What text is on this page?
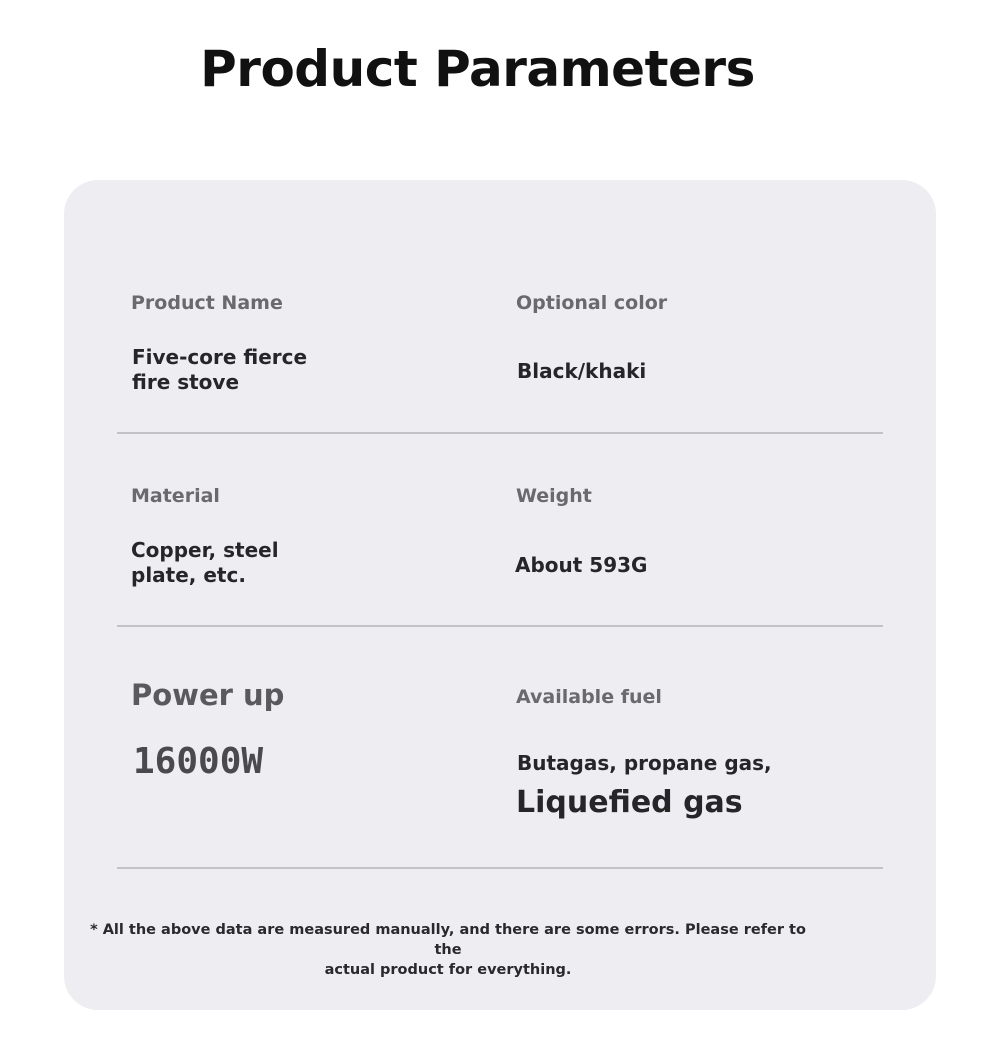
Product Parameters
Product Name
Five-core fierce
fire stove
Optional color
Black/khaki
Material
Copper, steel
plate, etc.
Weight
About 593G
Power up
16000W
Available fuel
Butagas, propane gas,
Liquefied gas
* All the above data are measured manually, and there are some errors. Please refer to the
actual product for everything.
